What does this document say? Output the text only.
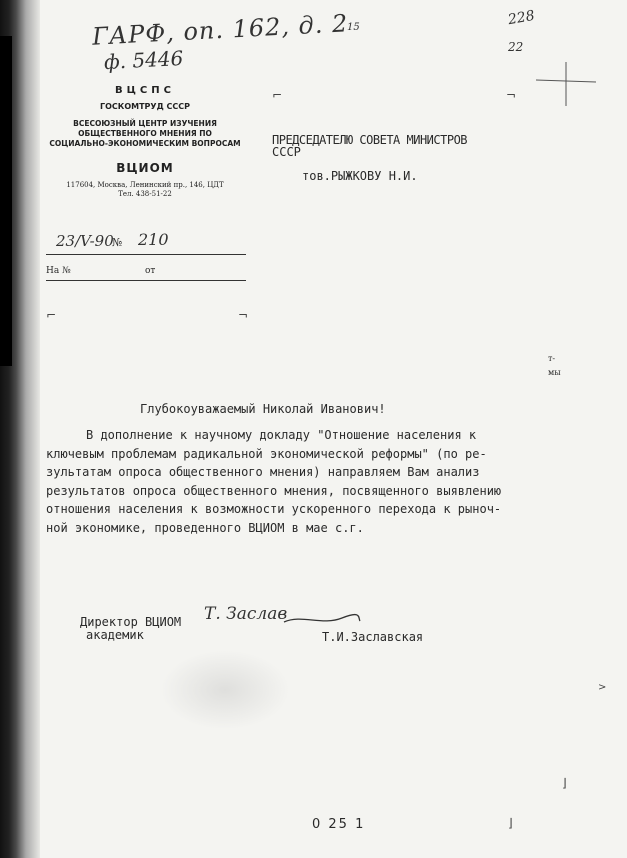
ГАРФ, оп. 162, д. 2
ф. 5446
15	228
22
ВЦСПС
ГОСКОМТРУД СССР
ВСЕСОЮЗНЫЙ ЦЕНТР ИЗУЧЕНИЯ ОБЩЕСТВЕННОГО МНЕНИЯ ПО СОЦИАЛЬНО-ЭКОНОМИЧЕСКИМ ВОПРОСАМ
ВЦИОМ
117604, Москва, Ленинский пр., 146, ЦДТ
Тел. 438-51-22
23/V-90
№ 210
На №	от
⌐	¬
⌐	¬
⌋
⌋
>
ПРЕДСЕДАТЕЛЮ СОВЕТА МИНИСТРОВ
СССР
тов.РЫЖКОВУ Н.И.
т-
мы
Глубокоуважаемый Николай Иванович!
В дополнение к научному докладу "Отношение населения к
ключевым проблемам радикальной экономической реформы" (по ре-
зультатам опроса общественного мнения) направляем Вам анализ
результатов опроса общественного мнения, посвященного выявлению
отношения населения к возможности ускоренного перехода к рыноч-
ной экономике, проведенного ВЦИОМ в мае с.г.
Директор ВЦИОМ
академик
Т. Заслав
Т.И.Заславская
0 25 1
